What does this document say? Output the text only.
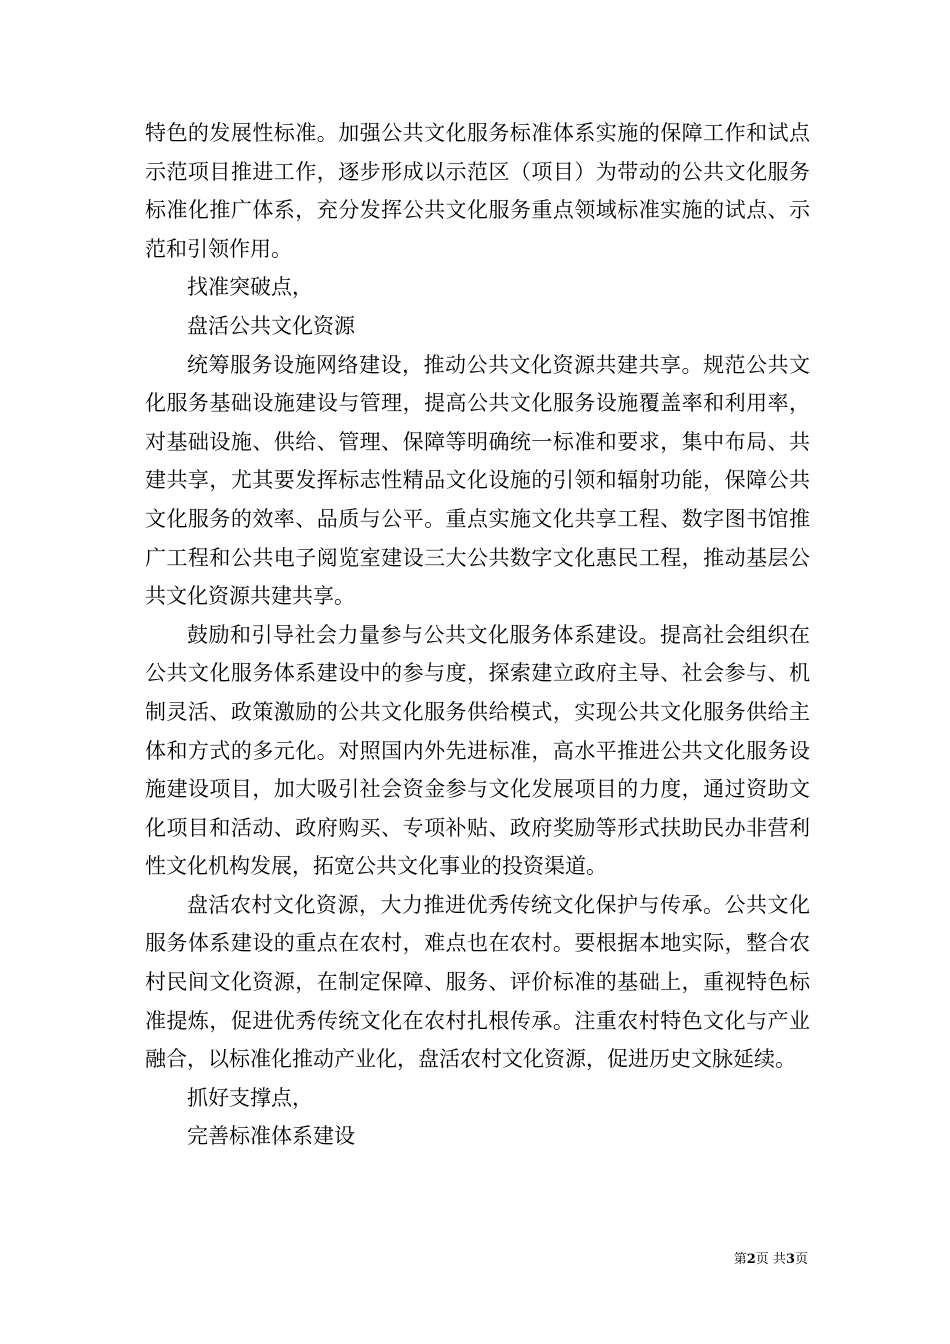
特色的发展性标准。加强公共文化服务标准体系实施的保障工作和试点示范项目推进工作，逐步形成以示范区（项目）为带动的公共文化服务标准化推广体系，充分发挥公共文化服务重点领域标准实施的试点、示范和引领作用。

找准突破点，

盘活公共文化资源

统筹服务设施网络建设，推动公共文化资源共建共享。规范公共文化服务基础设施建设与管理，提高公共文化服务设施覆盖率和利用率，对基础设施、供给、管理、保障等明确统一标准和要求，集中布局、共建共享，尤其要发挥标志性精品文化设施的引领和辐射功能，保障公共文化服务的效率、品质与公平。重点实施文化共享工程、数字图书馆推广工程和公共电子阅览室建设三大公共数字文化惠民工程，推动基层公共文化资源共建共享。

鼓励和引导社会力量参与公共文化服务体系建设。提高社会组织在公共文化服务体系建设中的参与度，探索建立政府主导、社会参与、机制灵活、政策激励的公共文化服务供给模式，实现公共文化服务供给主体和方式的多元化。对照国内外先进标准，高水平推进公共文化服务设施建设项目，加大吸引社会资金参与文化发展项目的力度，通过资助文化项目和活动、政府购买、专项补贴、政府奖励等形式扶助民办非营利性文化机构发展，拓宽公共文化事业的投资渠道。

盘活农村文化资源，大力推进优秀传统文化保护与传承。公共文化服务体系建设的重点在农村，难点也在农村。要根据本地实际，整合农村民间文化资源，在制定保障、服务、评价标准的基础上，重视特色标准提炼，促进优秀传统文化在农村扎根传承。注重农村特色文化与产业融合，以标准化推动产业化，盘活农村文化资源，促进历史文脉延续。

抓好支撑点，

完善标准体系建设

第2页 共3页
